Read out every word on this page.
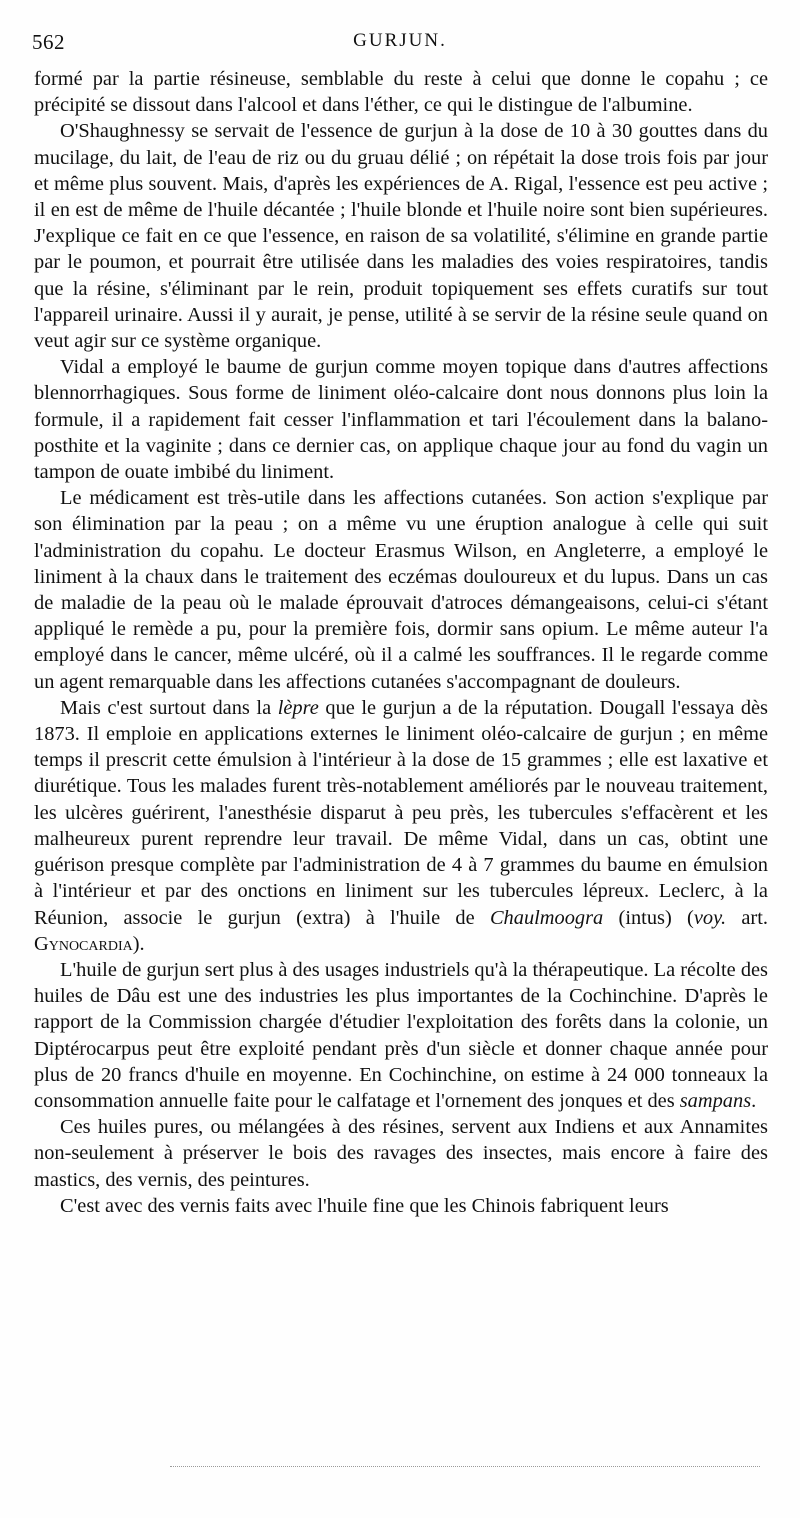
562	GURJUN.

formé par la partie résineuse, semblable du reste à celui que donne le copahu ; ce précipité se dissout dans l'alcool et dans l'éther, ce qui le distingue de l'albumine.

O'Shaughnessy se servait de l'essence de gurjun à la dose de 10 à 30 gouttes dans du mucilage, du lait, de l'eau de riz ou du gruau délié ; on répétait la dose trois fois par jour et même plus souvent. Mais, d'après les expériences de A. Rigal, l'essence est peu active ; il en est de même de l'huile décantée ; l'huile blonde et l'huile noire sont bien supérieures. J'explique ce fait en ce que l'essence, en raison de sa volatilité, s'élimine en grande partie par le poumon, et pourrait être utilisée dans les maladies des voies respiratoires, tandis que la résine, s'éliminant par le rein, produit topiquement ses effets curatifs sur tout l'appareil urinaire. Aussi il y aurait, je pense, utilité à se servir de la résine seule quand on veut agir sur ce système organique.

Vidal a employé le baume de gurjun comme moyen topique dans d'autres affections blennorrhagiques. Sous forme de liniment oléo-calcaire dont nous donnons plus loin la formule, il a rapidement fait cesser l'inflammation et tari l'écoulement dans la balano-posthite et la vaginite ; dans ce dernier cas, on applique chaque jour au fond du vagin un tampon de ouate imbibé du liniment.

Le médicament est très-utile dans les affections cutanées. Son action s'explique par son élimination par la peau ; on a même vu une éruption analogue à celle qui suit l'administration du copahu. Le docteur Erasmus Wilson, en Angleterre, a employé le liniment à la chaux dans le traitement des eczémas douloureux et du lupus. Dans un cas de maladie de la peau où le malade éprouvait d'atroces démangeaisons, celui-ci s'étant appliqué le remède a pu, pour la première fois, dormir sans opium. Le même auteur l'a employé dans le cancer, même ulcéré, où il a calmé les souffrances. Il le regarde comme un agent remarquable dans les affections cutanées s'accompagnant de douleurs.

Mais c'est surtout dans la lèpre que le gurjun a de la réputation. Dougall l'essaya dès 1873. Il emploie en applications externes le liniment oléo-calcaire de gurjun ; en même temps il prescrit cette émulsion à l'intérieur à la dose de 15 grammes ; elle est laxative et diurétique. Tous les malades furent très-notablement améliorés par le nouveau traitement, les ulcères guérirent, l'anesthésie disparut à peu près, les tubercules s'effacèrent et les malheureux purent reprendre leur travail. De même Vidal, dans un cas, obtint une guérison presque complète par l'administration de 4 à 7 grammes du baume en émulsion à l'intérieur et par des onctions en liniment sur les tubercules lépreux. Leclerc, à la Réunion, associe le gurjun (extra) à l'huile de Chaulmoogra (intus) (voy. art. Gynocardia).

L'huile de gurjun sert plus à des usages industriels qu'à la thérapeutique. La récolte des huiles de Dâu est une des industries les plus importantes de la Cochinchine. D'après le rapport de la Commission chargée d'étudier l'exploitation des forêts dans la colonie, un Diptérocarpus peut être exploité pendant près d'un siècle et donner chaque année pour plus de 20 francs d'huile en moyenne. En Cochinchine, on estime à 24 000 tonneaux la consommation annuelle faite pour le calfatage et l'ornement des jonques et des sampans.

Ces huiles pures, ou mélangées à des résines, servent aux Indiens et aux Annamites non-seulement à préserver le bois des ravages des insectes, mais encore à faire des mastics, des vernis, des peintures.

C'est avec des vernis faits avec l'huile fine que les Chinois fabriquent leurs
